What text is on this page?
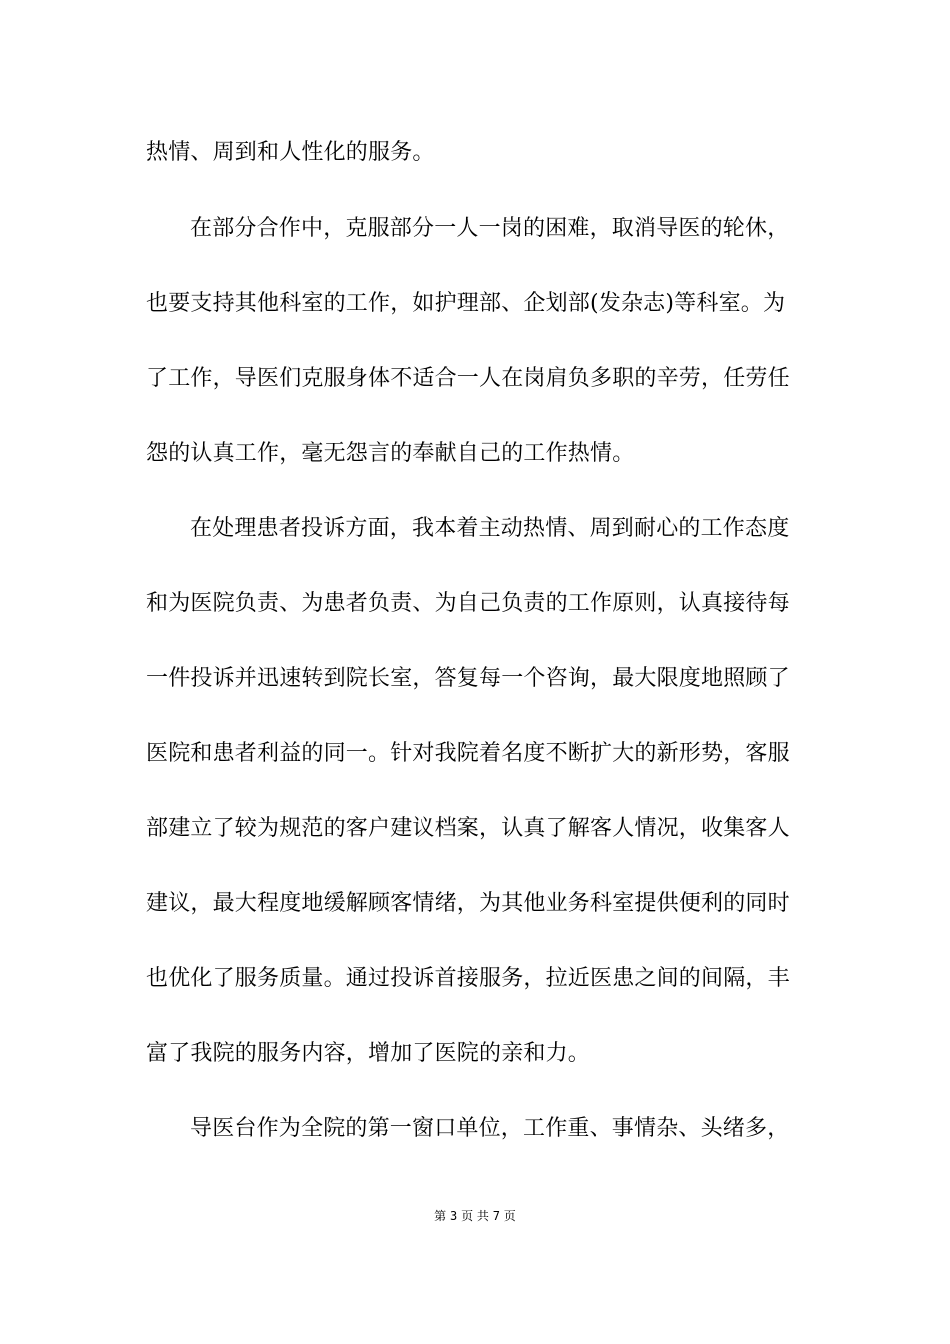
热情、周到和人性化的服务。
在部分合作中，克服部分一人一岗的困难，取消导医的轮休，
也要支持其他科室的工作，如护理部、企划部(发杂志)等科室。为
了工作，导医们克服身体不适合一人在岗肩负多职的辛劳，任劳任
怨的认真工作，毫无怨言的奉献自己的工作热情。
在处理患者投诉方面，我本着主动热情、周到耐心的工作态度
和为医院负责、为患者负责、为自己负责的工作原则，认真接待每
一件投诉并迅速转到院长室，答复每一个咨询，最大限度地照顾了
医院和患者利益的同一。针对我院着名度不断扩大的新形势，客服
部建立了较为规范的客户建议档案，认真了解客人情况，收集客人
建议，最大程度地缓解顾客情绪，为其他业务科室提供便利的同时
也优化了服务质量。通过投诉首接服务，拉近医患之间的间隔，丰
富了我院的服务内容，增加了医院的亲和力。
导医台作为全院的第一窗口单位，工作重、事情杂、头绪多，
第 3 页 共 7 页
